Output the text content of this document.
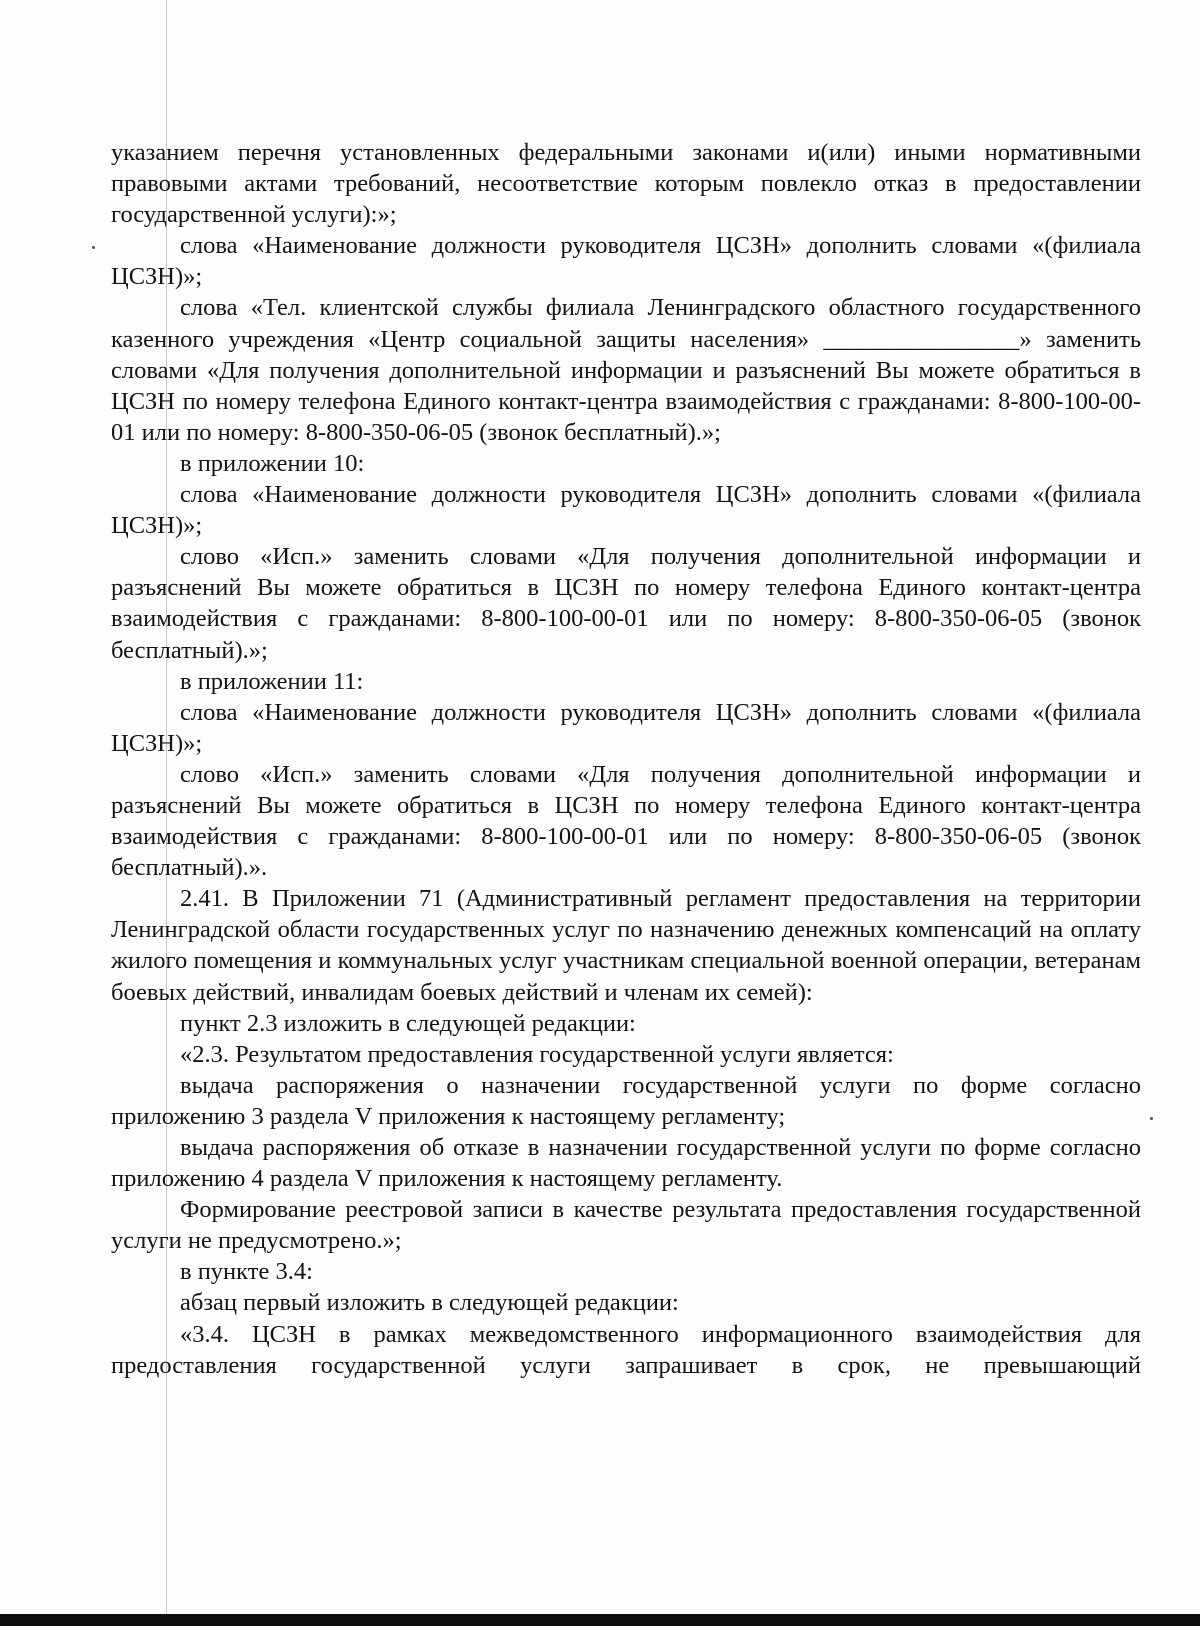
указанием перечня установленных федеральными законами и(или) иными нормативными правовыми актами требований, несоответствие которым повлекло отказ в предоставлении государственной услуги):»;

слова «Наименование должности руководителя ЦСЗН» дополнить словами «(филиала ЦСЗН)»;

слова «Тел. клиентской службы филиала Ленинградского областного государственного казенного учреждения «Центр социальной защиты населения» ________________» заменить словами «Для получения дополнительной информации и разъяснений Вы можете обратиться в ЦСЗН по номеру телефона Единого контакт-центра взаимодействия с гражданами: 8-800-100-00-01 или по номеру: 8-800-350-06-05 (звонок бесплатный).»;

в приложении 10:

слова «Наименование должности руководителя ЦСЗН» дополнить словами «(филиала ЦСЗН)»;

слово «Исп.» заменить словами «Для получения дополнительной информации и разъяснений Вы можете обратиться в ЦСЗН по номеру телефона Единого контакт-центра взаимодействия с гражданами: 8-800-100-00-01 или по номеру: 8-800-350-06-05 (звонок бесплатный).»;

в приложении 11:

слова «Наименование должности руководителя ЦСЗН» дополнить словами «(филиала ЦСЗН)»;

слово «Исп.» заменить словами «Для получения дополнительной информации и разъяснений Вы можете обратиться в ЦСЗН по номеру телефона Единого контакт-центра взаимодействия с гражданами: 8-800-100-00-01 или по номеру: 8-800-350-06-05 (звонок бесплатный).».

2.41. В Приложении 71 (Административный регламент предоставления на территории Ленинградской области государственных услуг по назначению денежных компенсаций на оплату жилого помещения и коммунальных услуг участникам специальной военной операции, ветеранам боевых действий, инвалидам боевых действий и членам их семей):

пункт 2.3 изложить в следующей редакции:

«2.3. Результатом предоставления государственной услуги является:

выдача распоряжения о назначении государственной услуги по форме согласно приложению 3 раздела V приложения к настоящему регламенту;

выдача распоряжения об отказе в назначении государственной услуги по форме согласно приложению 4 раздела V приложения к настоящему регламенту.

Формирование реестровой записи в качестве результата предоставления государственной услуги не предусмотрено.»;

в пункте 3.4:

абзац первый изложить в следующей редакции:

«3.4. ЦСЗН в рамках межведомственного информационного взаимодействия для предоставления государственной услуги запрашивает в срок, не превышающий
